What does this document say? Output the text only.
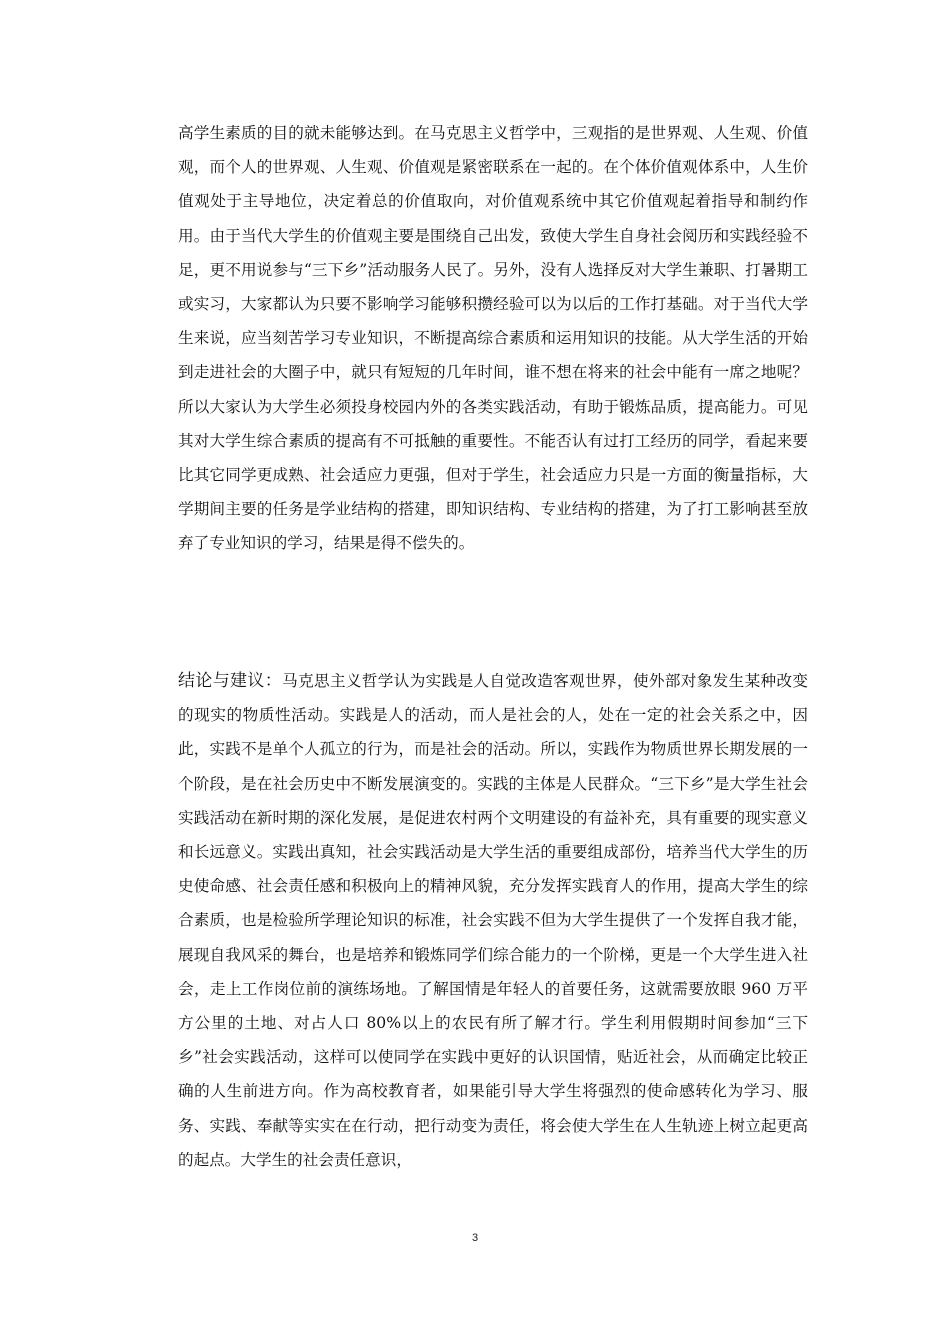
高学生素质的目的就未能够达到。在马克思主义哲学中，三观指的是世界观、人生观、价值观，而个人的世界观、人生观、价值观是紧密联系在一起的。在个体价值观体系中，人生价值观处于主导地位，决定着总的价值取向，对价值观系统中其它价值观起着指导和制约作用。由于当代大学生的价值观主要是围绕自己出发，致使大学生自身社会阅历和实践经验不足，更不用说参与“三下乡”活动服务人民了。另外，没有人选择反对大学生兼职、打暑期工或实习，大家都认为只要不影响学习能够积攒经验可以为以后的工作打基础。对于当代大学生来说，应当刻苦学习专业知识，不断提高综合素质和运用知识的技能。从大学生活的开始到走进社会的大圈子中，就只有短短的几年时间，谁不想在将来的社会中能有一席之地呢？所以大家认为大学生必须投身校园内外的各类实践活动，有助于锻炼品质，提高能力。可见其对大学生综合素质的提高有不可抵触的重要性。不能否认有过打工经历的同学，看起来要比其它同学更成熟、社会适应力更强，但对于学生，社会适应力只是一方面的衡量指标，大学期间主要的任务是学业结构的搭建，即知识结构、专业结构的搭建，为了打工影响甚至放弃了专业知识的学习，结果是得不偿失的。

结论与建议：马克思主义哲学认为实践是人自觉改造客观世界，使外部对象发生某种改变的现实的物质性活动。实践是人的活动，而人是社会的人，处在一定的社会关系之中，因此，实践不是单个人孤立的行为，而是社会的活动。所以，实践作为物质世界长期发展的一个阶段，是在社会历史中不断发展演变的。实践的主体是人民群众。“三下乡”是大学生社会实践活动在新时期的深化发展，是促进农村两个文明建设的有益补充，具有重要的现实意义和长远意义。实践出真知，社会实践活动是大学生活的重要组成部份，培养当代大学生的历史使命感、社会责任感和积极向上的精神风貌，充分发挥实践育人的作用，提高大学生的综合素质，也是检验所学理论知识的标准，社会实践不但为大学生提供了一个发挥自我才能，展现自我风采的舞台，也是培养和锻炼同学们综合能力的一个阶梯，更是一个大学生进入社会，走上工作岗位前的演练场地。了解国情是年轻人的首要任务，这就需要放眼 960 万平方公里的土地、对占人口 80%以上的农民有所了解才行。学生利用假期时间参加“三下乡”社会实践活动，这样可以使同学在实践中更好的认识国情，贴近社会，从而确定比较正确的人生前进方向。作为高校教育者，如果能引导大学生将强烈的使命感转化为学习、服务、实践、奉献等实实在在行动，把行动变为责任，将会使大学生在人生轨迹上树立起更高的起点。大学生的社会责任意识，

3
